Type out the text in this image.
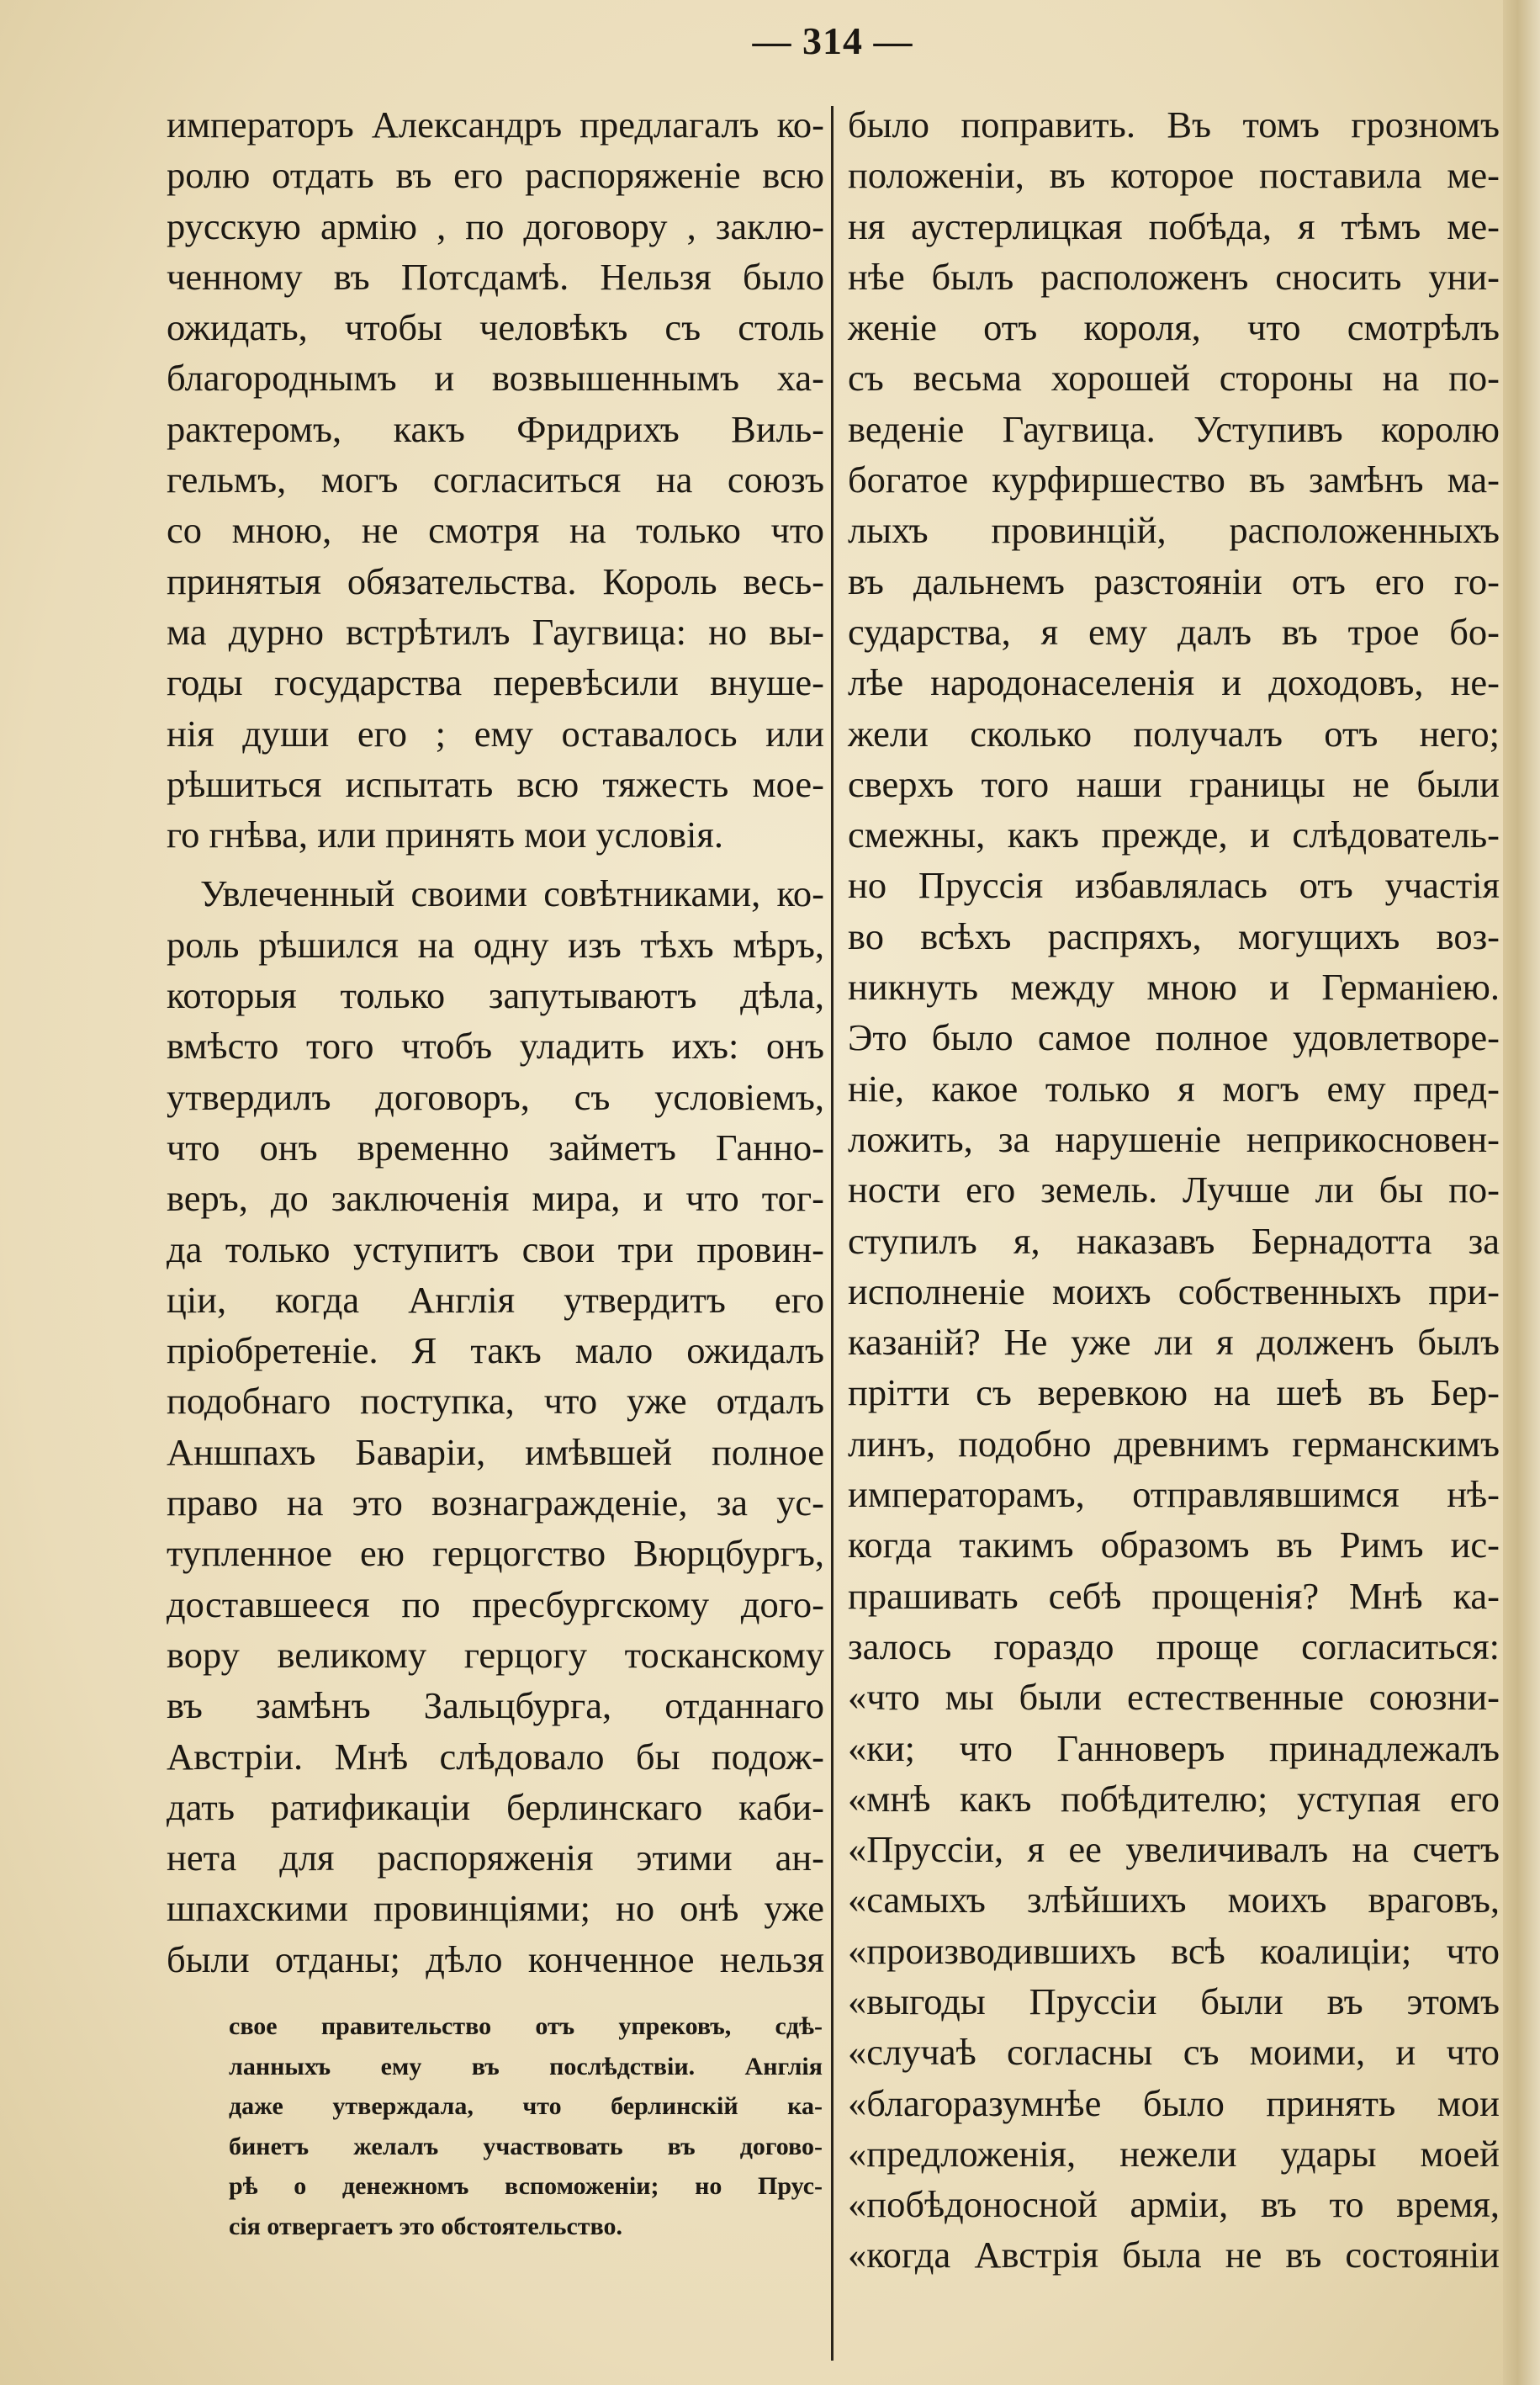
— 314 —
императоръ Александръ предлагалъ ко-
ролю отдать въ его распоряженіе всю
русскую армію , по договору , заклю-
ченному въ Потсдамѣ. Нельзя было
ожидать, чтобы человѣкъ съ столь
благороднымъ и возвышеннымъ ха-
рактеромъ, какъ Фридрихъ Виль-
гельмъ, могъ согласиться на союзъ
со мною, не смотря на только что
принятыя обязательства. Король весь-
ма дурно встрѣтилъ Гаугвица: но вы-
годы государства перевѣсили внуше-
нія души его ; ему оставалось или
рѣшиться испытать всю тяжесть мое-
го гнѣва, или принять мои условія.
Увлеченный своими совѣтниками, ко-
роль рѣшился на одну изъ тѣхъ мѣръ,
которыя только запутываютъ дѣла,
вмѣсто того чтобъ уладить ихъ: онъ
утвердилъ договоръ, съ условіемъ,
что онъ временно займетъ Ганно-
веръ, до заключенія мира, и что тог-
да только уступитъ свои три провин-
ціи, когда Англія утвердитъ его
пріобретеніе. Я такъ мало ожидалъ
подобнаго поступка, что уже отдалъ
Аншпахъ Баваріи, имѣвшей полное
право на это вознагражденіе, за ус-
тупленное ею герцогство Вюрцбургъ,
доставшееся по пресбургскому дого-
вору великому герцогу тосканскому
въ замѣнъ Зальцбурга, отданнаго
Австріи. Мнѣ слѣдовало бы подож-
дать ратификаціи берлинскаго каби-
нета для распоряженія этими ан-
шпахскими провинціями; но онѣ уже
были отданы; дѣло конченное нельзя
было поправить. Въ томъ грозномъ
положеніи, въ которое поставила ме-
ня аустерлицкая побѣда, я тѣмъ ме-
нѣе былъ расположенъ сносить уни-
женіе отъ короля, что смотрѣлъ
съ весьма хорошей стороны на по-
веденіе Гаугвица. Уступивъ королю
богатое курфиршество въ замѣнъ ма-
лыхъ провинцій, расположенныхъ
въ дальнемъ разстояніи отъ его го-
сударства, я ему далъ въ трое бо-
лѣе народонаселенія и доходовъ, не-
жели сколько получалъ отъ него;
сверхъ того наши границы не были
смежны, какъ прежде, и слѣдователь-
но Пруссія избавлялась отъ участія
во всѣхъ распряхъ, могущихъ воз-
никнуть между мною и Германіею.
Это было самое полное удовлетворе-
ніе, какое только я могъ ему пред-
ложить, за нарушеніе неприкосновен-
ности его земель. Лучше ли бы по-
ступилъ я, наказавъ Бернадотта за
исполненіе моихъ собственныхъ при-
казаній? Не уже ли я долженъ былъ
прітти съ веревкою на шеѣ въ Бер-
линъ, подобно древнимъ германскимъ
императорамъ, отправлявшимся нѣ-
когда такимъ образомъ въ Римъ ис-
прашивать себѣ прощенія? Мнѣ ка-
залось гораздо проще согласиться:
«что мы были естественные союзни-
«ки; что Ганноверъ принадлежалъ
«мнѣ какъ побѣдителю; уступая его
«Пруссіи, я ее увеличивалъ на счетъ
«самыхъ злѣйшихъ моихъ враговъ,
«производившихъ всѣ коалиціи; что
«выгоды Пруссіи были въ этомъ
«случаѣ согласны съ моими, и что
«благоразумнѣе было принять мои
«предложенія, нежели удары моей
«побѣдоносной арміи, въ то время,
«когда Австрія была не въ состояніи
свое правительство отъ упрековъ, сдѣ-
ланныхъ ему въ послѣдствіи. Англія
даже утверждала, что берлинскій ка-
бинетъ желалъ участвовать въ догово-
рѣ о денежномъ вспоможеніи; но Прус-
сія отвергаетъ это обстоятельство.
